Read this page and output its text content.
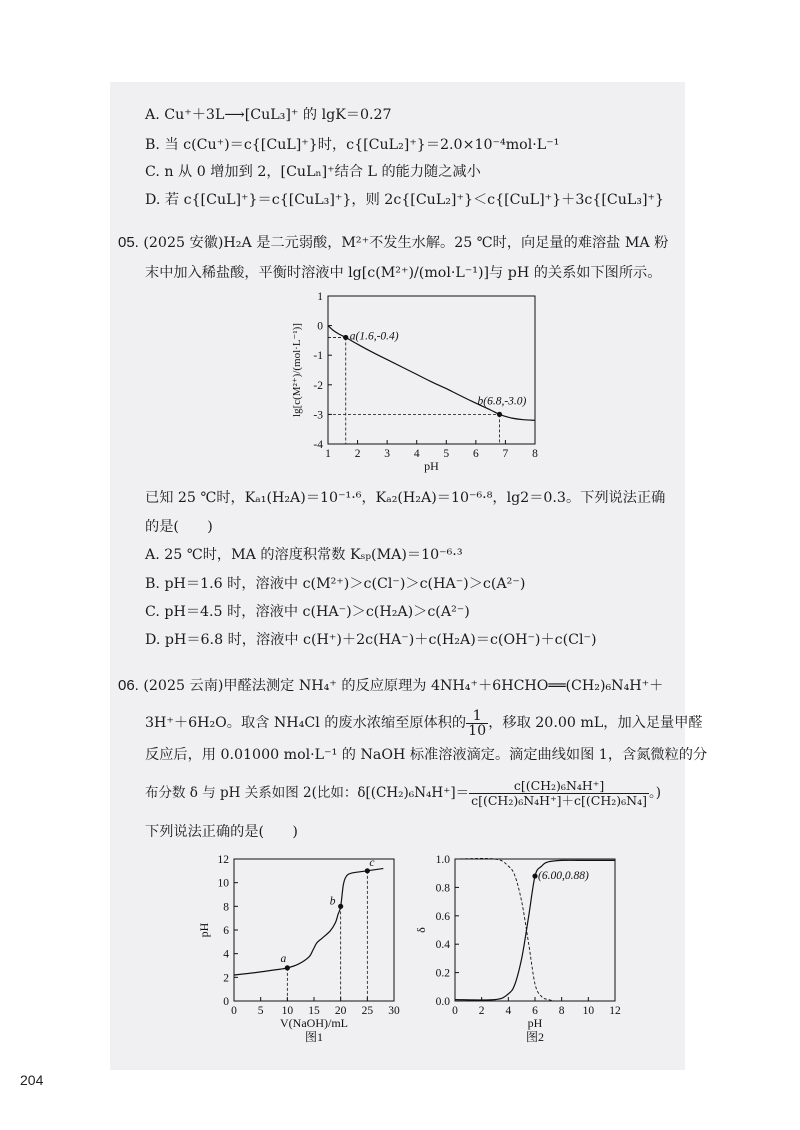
A. Cu⁺＋3L⟶[CuL₃]⁺ 的 lgK＝0.27
B. 当 c(Cu⁺)＝c{[CuL]⁺}时，c{[CuL₂]⁺}＝2.0×10⁻⁴mol·L⁻¹
C. n 从 0 增加到 2，[CuLₙ]⁺结合 L 的能力随之减小
D. 若 c{[CuL]⁺}＝c{[CuL₃]⁺}，则 2c{[CuL₂]⁺}＜c{[CuL]⁺}＋3c{[CuL₃]⁺}
05. (2025 安徽)H₂A 是二元弱酸，M²⁺不发生水解。25 ℃时，向足量的难溶盐 MA 粉
末中加入稀盐酸，平衡时溶液中 lg[c(M²⁺)/(mol·L⁻¹)]与 pH 的关系如下图所示。
1 2 3 4 5 6 7 8
1
0
-1
-2
-3
-4
pH
lg[c(M²⁺)/(mol·L⁻¹)]	a(1.6,-0.4)
b(6.8,-3.0)
已知 25 ℃时，Kₐ₁(H₂A)＝10⁻¹·⁶，Kₐ₂(H₂A)＝10⁻⁶·⁸，lg2＝0.3。下列说法正确
的是(　　)
A. 25 ℃时，MA 的溶度积常数 Kₛₚ(MA)＝10⁻⁶·³
B. pH＝1.6 时，溶液中 c(M²⁺)＞c(Cl⁻)＞c(HA⁻)＞c(A²⁻)
C. pH＝4.5 时，溶液中 c(HA⁻)＞c(H₂A)＞c(A²⁻)
D. pH＝6.8 时，溶液中 c(H⁺)＋2c(HA⁻)＋c(H₂A)＝c(OH⁻)＋c(Cl⁻)
06. (2025 云南)甲醛法测定 NH₄⁺ 的反应原理为 4NH₄⁺＋6HCHO══(CH₂)₆N₄H⁺＋
3H⁺＋6H₂O。取含 NH₄Cl 的废水浓缩至原体积的 $\frac{1}{10}$ ，移取 20.00 mL，加入足量甲醛
反应后，用 0.01000 mol·L⁻¹ 的 NaOH 标准溶液滴定。滴定曲线如图 1，含氮微粒的分
布分数 δ 与 pH 关系如图 2(比如：$\delta[(CH_2)_6N_4H^+]= \frac{\text{c[(CH₂)₆N₄H⁺]}}{\text{c[(CH₂)₆N₄H⁺]＋c[(CH₂)₆N₄]}}$ 。)
下列说法正确的是(　　)
0 5 10 15 20 25 30
0
2
4
6
8
10
12
V(NaOH)/mL
pH
图1
a
b
c
0 2 4 6 8 10 12
0.0
0.2
0.4
0.6
0.8
1.0
pH
δ
图2
(6.00,0.88)
204
